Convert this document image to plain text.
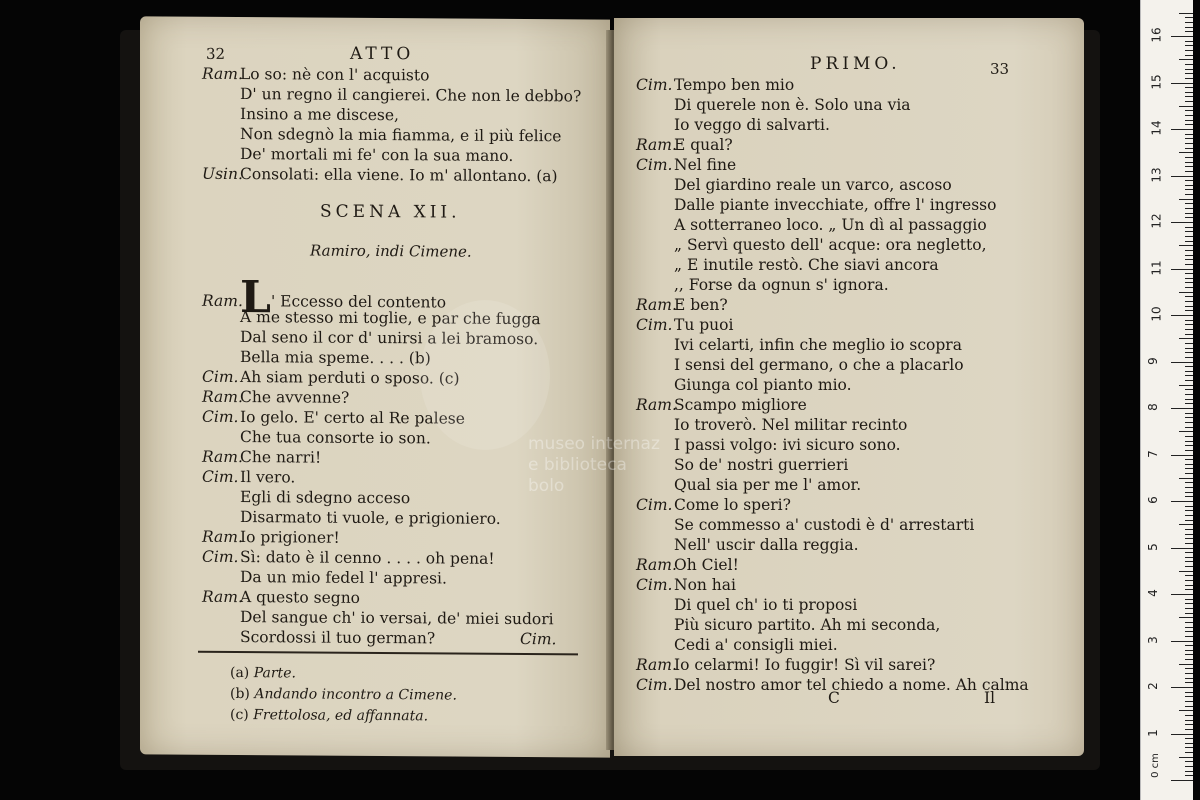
32	ATTO
Ram.Lo so: nè con l' acquisto
D' un regno il cangierei. Che non le debbo?
Insino a me discese,
Non sdegnò la mia fiamma, e il più felice
De' mortali mi fe' con la sua mano.
Usin.Consolati: ella viene. Io m' allontano. (a)
SCENA XII.
Ramiro, indi Cimene.
Ram.L' Eccesso del contento
A me stesso mi toglie, e par che fugga
Dal seno il cor d' unirsi a lei bramoso.
Bella mia speme. . . . (b)
Cim.Ah siam perduti o sposo. (c)
Ram.Che avvenne?
Cim.Io gelo. E' certo al Re palese
Che tua consorte io son.
Ram.Che narri!
Cim.Il vero.
Egli di sdegno acceso
Disarmato ti vuole, e prigioniero.
Ram.Io prigioner!
Cim.Sì: dato è il cenno . . . . oh pena!
Da un mio fedel l' appresi.
Ram.A questo segno
Del sangue ch' io versai, de' miei sudori
Scordossi il tuo german?	Cim.
(a) Parte.
(b) Andando incontro a Cimene.
(c) Frettolosa, ed affannata.
PRIMO.	33
Cim.Tempo ben mio
Di querele non è. Solo una via
Io veggo di salvarti.
Ram.E qual?
Cim.Nel fine
Del giardino reale un varco, ascoso
Dalle piante invecchiate, offre l' ingresso
A sotterraneo loco. „ Un dì al passaggio
„ Servì questo dell' acque: ora negletto,
„ E inutile restò. Che siavi ancora
,, Forse da ognun s' ignora.
Ram.E ben?
Cim.Tu puoi
Ivi celarti, infin che meglio io scopra
I sensi del germano, o che a placarlo
Giunga col pianto mio.
Ram.Scampo migliore
Io troverò. Nel militar recinto
I passi volgo: ivi sicuro sono.
So de' nostri guerrieri
Qual sia per me l' amor.
Cim.Come lo speri?
Se commesso a' custodi è d' arrestarti
Nell' uscir dalla reggia.
Ram.Oh Ciel!
Cim.Non hai
Di quel ch' io ti proposi
Più sicuro partito. Ah mi seconda,
Cedi a' consigli miei.
Ram.Io celarmi! Io fuggir! Sì vil sarei?
Cim.Del nostro amor tel chiedo a nome. Ah calma
C	Il
museo internaz
e biblioteca
bolo
1
2
3
4
5
6
7
8
9
10
11
12
13
14
15
16
0 cm
